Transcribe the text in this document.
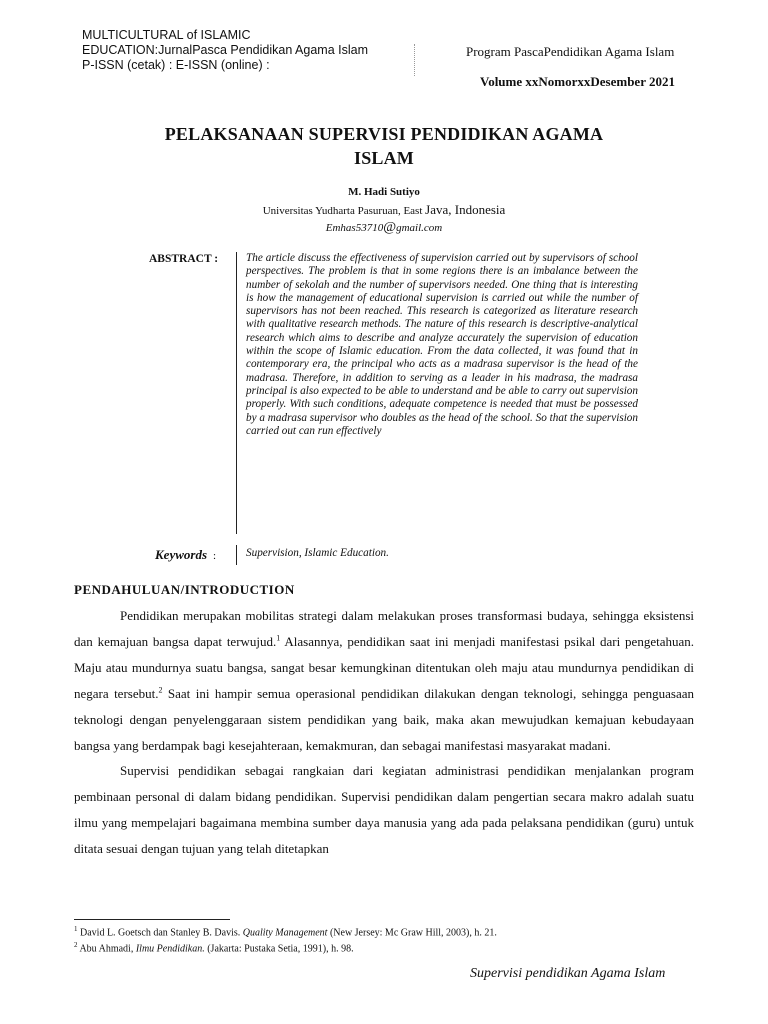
MULTICULTURAL of ISLAMIC
EDUCATION:JurnalPasca Pendidikan Agama Islam
P-ISSN (cetak) : E-ISSN (online) :
Program PascaPendidikan Agama Islam
Volume xxNomorxxDesember 2021
PELAKSANAAN SUPERVISI PENDIDIKAN AGAMA
ISLAM
M. Hadi Sutiyo
Universitas Yudharta Pasuruan, East Java, Indonesia
Emhas53710@gmail.com
ABSTRACT : The article discuss the effectiveness of supervision carried out by supervisors of school perspectives. The problem is that in some regions there is an imbalance between the number of sekolah and the number of supervisors needed. One thing that is interesting is how the management of educational supervision is carried out while the number of supervisors has not been reached. This research is categorized as literature research with qualitative research methods. The nature of this research is descriptive-analytical research which aims to describe and analyze accurately the supervision of education within the scope of Islamic education. From the data collected, it was found that in contemporary era, the principal who acts as a madrasa supervisor is the head of the madrasa. Therefore, in addition to serving as a leader in his madrasa, the madrasa principal is also expected to be able to understand and be able to carry out supervision properly. With such conditions, adequate competence is needed that must be possessed by a madrasa supervisor who doubles as the head of the school. So that the supervision carried out can run effectively
Keywords :	Supervision, Islamic Education.
PENDAHULUAN/INTRODUCTION

Pendidikan merupakan mobilitas strategi dalam melakukan proses transformasi budaya, sehingga eksistensi dan kemajuan bangsa dapat terwujud.$^1$ Alasannya, pendidikan saat ini menjadi manifestasi psikal dari pengetahuan. Maju atau mundurnya suatu bangsa, sangat besar kemungkinan ditentukan oleh maju atau mundurnya pendidikan di negara tersebut.$^2$ Saat ini hampir semua operasional pendidikan dilakukan dengan teknologi, sehingga penguasaan teknologi dengan penyelenggaraan sistem pendidikan yang baik, maka akan mewujudkan kemajuan kebudayaan bangsa yang berdampak bagi kesejahteraan, kemakmuran, dan sebagai manifestasi masyarakat madani.

Supervisi pendidikan sebagai rangkaian dari kegiatan administrasi pendidikan menjalankan program pembinaan personal di dalam bidang pendidikan. Supervisi pendidikan dalam pengertian secara makro adalah suatu ilmu yang mempelajari bagaimana membina sumber daya manusia yang ada pada pelaksana pendidikan (guru) untuk ditata sesuai dengan tujuan yang telah ditetapkan

$^1$ David L. Goetsch dan Stanley B. Davis. Quality Management (New Jersey: Mc Graw Hill, 2003), h. 21.
$^2$ Abu Ahmadi, Ilmu Pendidikan. (Jakarta: Pustaka Setia, 1991), h. 98.
Supervisi pendidikan Agama Islam
